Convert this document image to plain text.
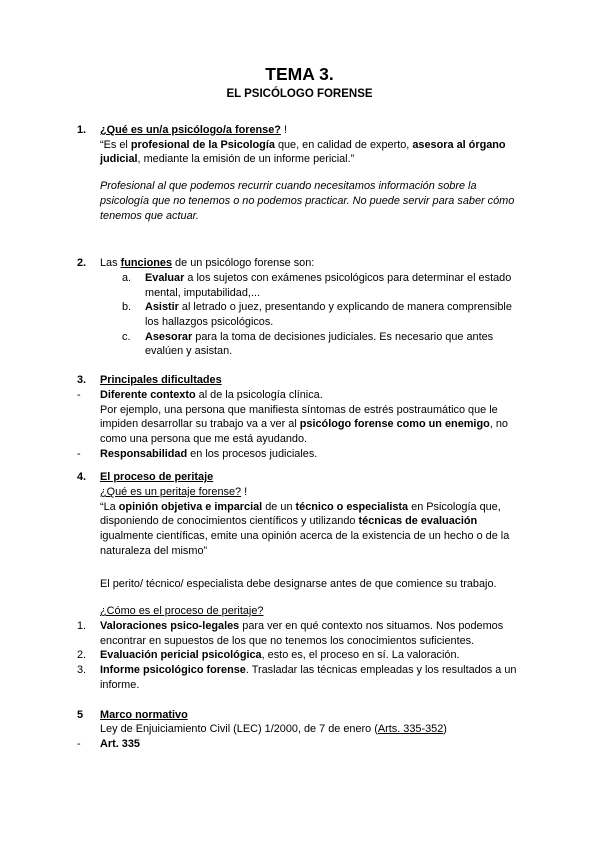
TEMA 3.
EL PSICÓLOGO FORENSE
1.	¿Qué es un/a psicólogo/a forense? !
“Es el profesional de la Psicología que, en calidad de experto, asesora al órgano judicial, mediante la emisión de un informe pericial.”
Profesional al que podemos recurrir cuando necesitamos información sobre la psicología que no tenemos o no podemos practicar. No puede servir para saber cómo tenemos que actuar.
2.	Las funciones de un psicólogo forense son:
a.	Evaluar a los sujetos con exámenes psicológicos para determinar el estado mental, imputabilidad,...
b.	Asistir al letrado o juez, presentando y explicando de manera comprensible los hallazgos psicológicos.
c.	Asesorar para la toma de decisiones judiciales. Es necesario que antes evalúen y asistan.
3.	Principales dificultades
-	Diferente contexto al de la psicología clínica.
Por ejemplo, una persona que manifiesta síntomas de estrés postraumático que le impiden desarrollar su trabajo va a ver al psicólogo forense como un enemigo, no como una persona que me está ayudando.
-	Responsabilidad en los procesos judiciales.
4.	El proceso de peritaje
¿Qué es un peritaje forense? !
“La opinión objetiva e imparcial de un técnico o especialista en Psicología que, disponiendo de conocimientos científicos y utilizando técnicas de evaluación igualmente científicas, emite una opinión acerca de la existencia de un hecho o de la naturaleza del mismo”
El perito/ técnico/ especialista debe designarse antes de que comience su trabajo.
¿Cómo es el proceso de peritaje?
1.	Valoraciones psico-legales para ver en qué contexto nos situamos. Nos podemos encontrar en supuestos de los que no tenemos los conocimientos suficientes.
2.	Evaluación pericial psicológica, esto es, el proceso en sí. La valoración.
3.	Informe psicológico forense. Trasladar las técnicas empleadas y los resultados a un informe.
5	Marco normativo
Ley de Enjuiciamiento Civil (LEC) 1/2000, de 7 de enero (Arts. 335-352)
-	Art. 335
